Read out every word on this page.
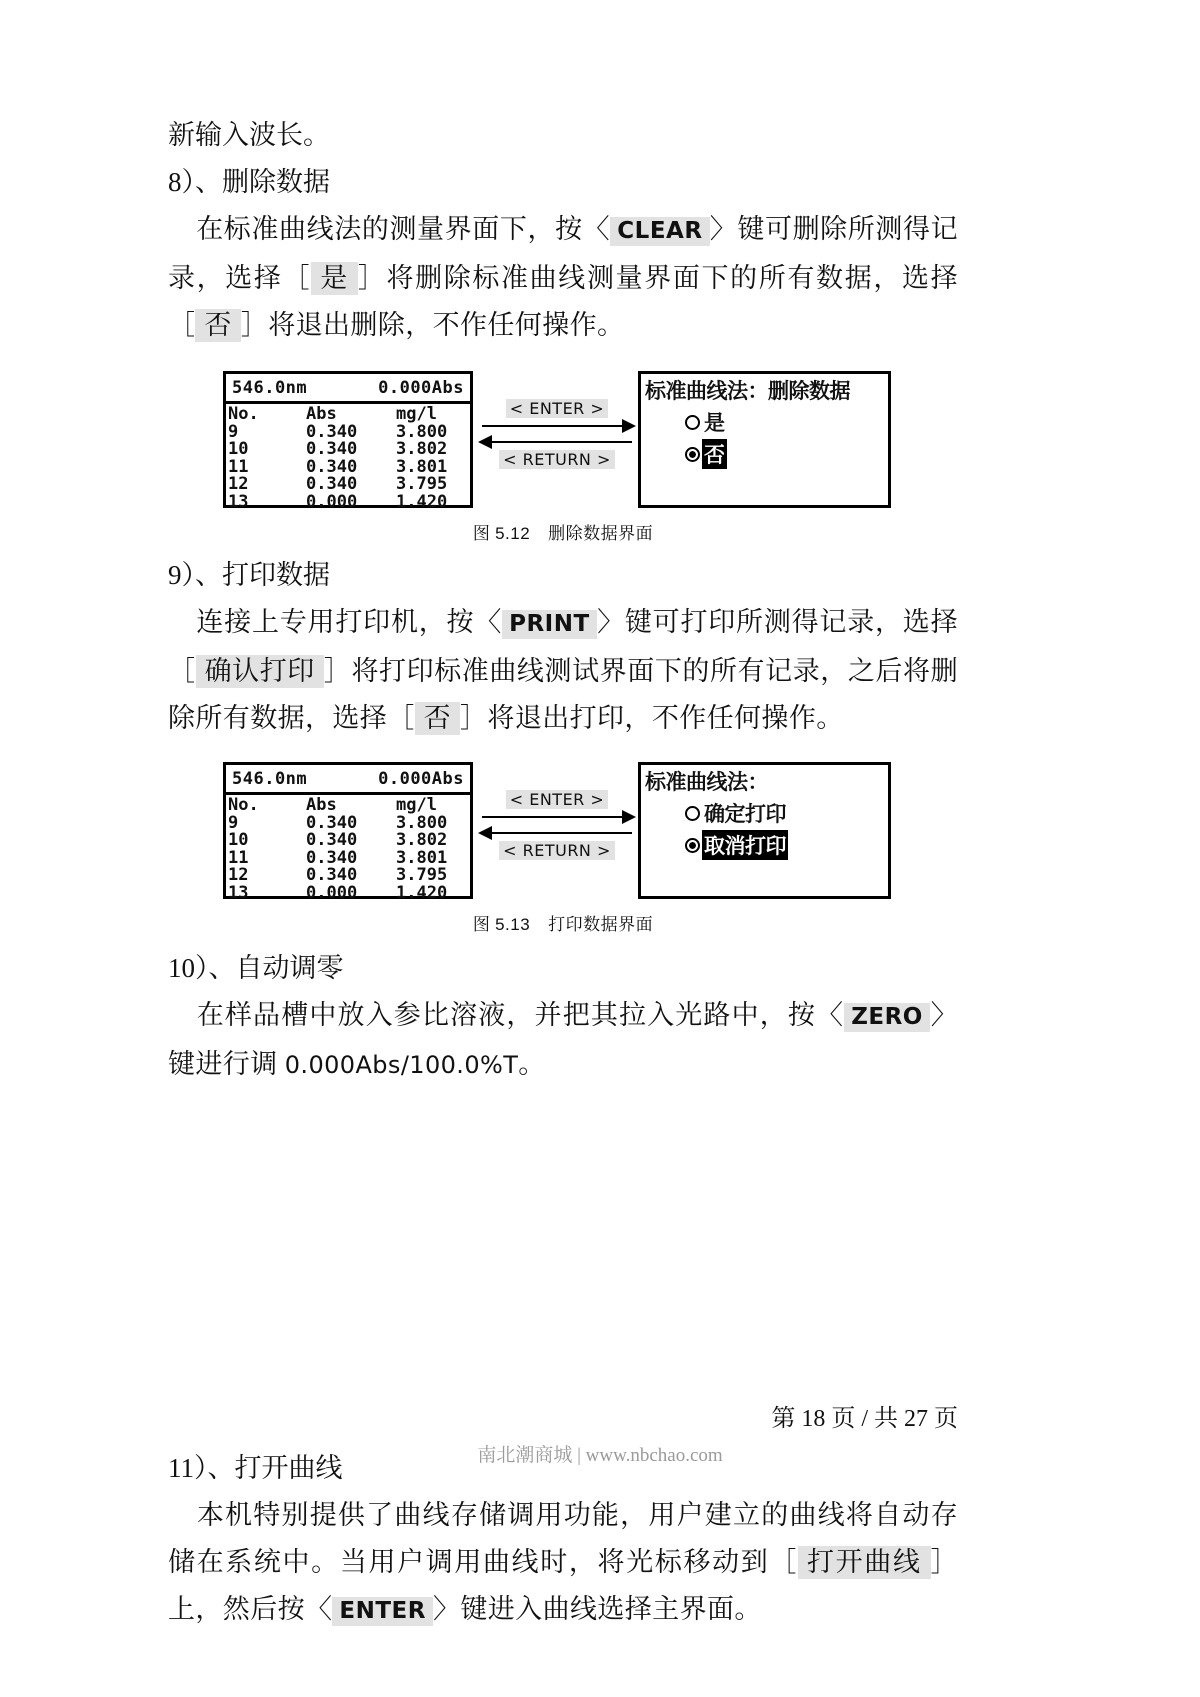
新输入波长。

8）、删除数据

在标准曲线法的测量界面下，按〈 CLEAR 〉键可删除所测得记录，选择［ 是 ］将删除标准曲线测量界面下的所有数据，选择［ 否 ］将退出删除，不作任何操作。

546.0nm	0.000Abs
No.	Abs	mg/l
9	0.340	3.800
10	0.340	3.802
11	0.340	3.801
12	0.340	3.795
13	0.000	1.420
< ENTER >
< RETURN >
标准曲线法：删除数据
是
否
图 5.12 删除数据界面

9）、打印数据

连接上专用打印机，按〈 PRINT 〉键可打印所测得记录，选择［ 确认打印 ］将打印标准曲线测试界面下的所有记录，之后将删除所有数据，选择［ 否 ］将退出打印，不作任何操作。

546.0nm	0.000Abs
No.	Abs	mg/l
9	0.340	3.800
10	0.340	3.802
11	0.340	3.801
12	0.340	3.795
13	0.000	1.420
< ENTER >
< RETURN >
标准曲线法：
确定打印
取消打印
图 5.13 打印数据界面

10）、自动调零

在样品槽中放入参比溶液，并把其拉入光路中，按〈 ZERO 〉键进行调 0.000Abs/100.0%T。

11）、打开曲线

本机特别提供了曲线存储调用功能，用户建立的曲线将自动存储在系统中。当用户调用曲线时，将光标移动到［ 打开曲线 ］上，然后按〈 ENTER 〉键进入曲线选择主界面。

第 18 页 / 共 27 页
南北潮商城 | www.nbchao.com
